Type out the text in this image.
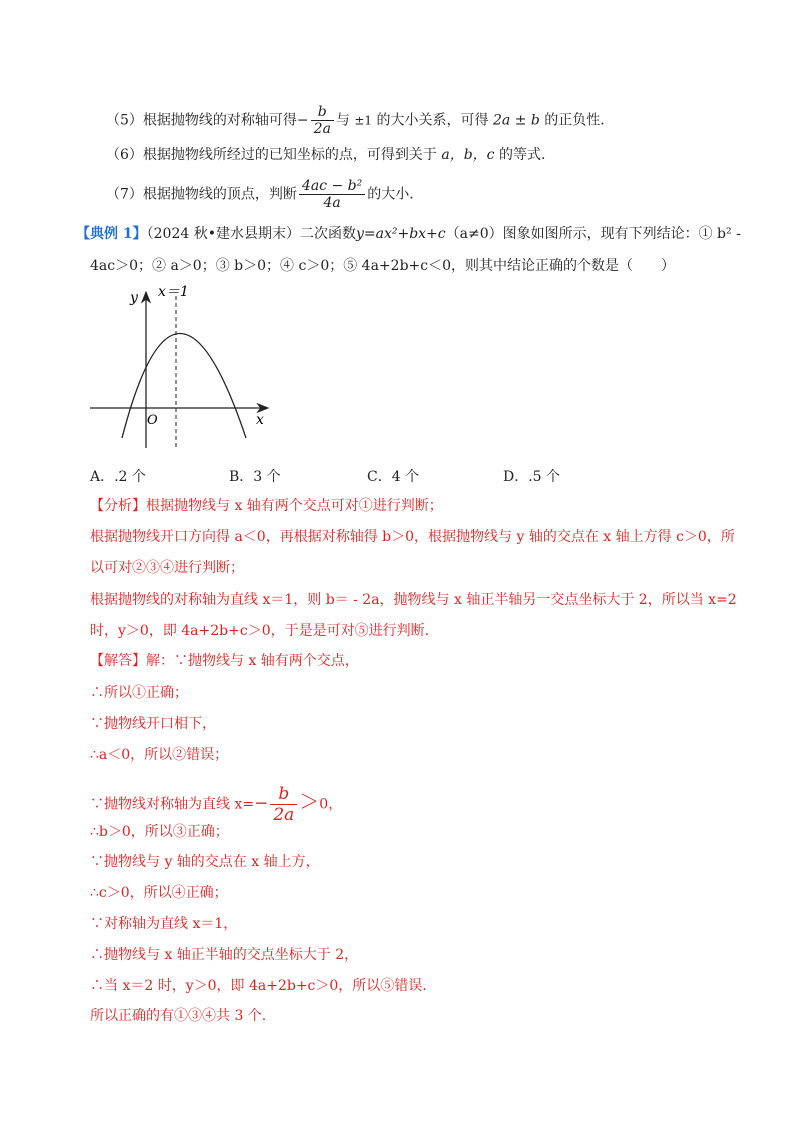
（5）根据抛物线的对称轴可得− $\frac{b}{2a}$ 与 ±1 的大小关系，可得 2a ± b 的正负性.
（6）根据抛物线所经过的已知坐标的点，可得到关于 a，b，c 的等式.
（7）根据抛物线的顶点，判断 $\frac{\text{4ac − b²}}{4a}$ 的大小.
【典例 1】（2024 秋•建水县期末）二次函数y=ax²+bx+c（a≠0）图象如图所示，现有下列结论：① b² -
4ac＞0；② a＞0；③ b＞0；④ c＞0；⑤ 4a+2b+c＜0，则其中结论正确的个数是（　　）
y
x
O
x＝1
A．.2 个	B．3 个	C．4 个	D．.5 个
【分析】根据抛物线与 x 轴有两个交点可对①进行判断；
根据抛物线开口方向得 a＜0，再根据对称轴得 b＞0，根据抛物线与 y 轴的交点在 x 轴上方得 c＞0，所
以可对②③④进行判断；
根据抛物线的对称轴为直线 x＝1，则 b＝ - 2a，抛物线与 x 轴正半轴另一交点坐标大于 2，所以当 x=2
时，y＞0，即 4a+2b+c＞0，于是是可对⑤进行判断.
【解答】解：∵抛物线与 x 轴有两个交点，
∴所以①正确；
∵抛物线开口相下，
∴a＜0，所以②错误；
∵抛物线对称轴为直线 $x=- \frac{b}{2a} >0$，
∴b＞0，所以③正确；
∵抛物线与 y 轴的交点在 x 轴上方，
∴c＞0，所以④正确；
∵对称轴为直线 x＝1，
∴抛物线与 x 轴正半轴的交点坐标大于 2，
∴当 x＝2 时，y＞0，即 4a+2b+c＞0，所以⑤错误.
所以正确的有①③④共 3 个.
